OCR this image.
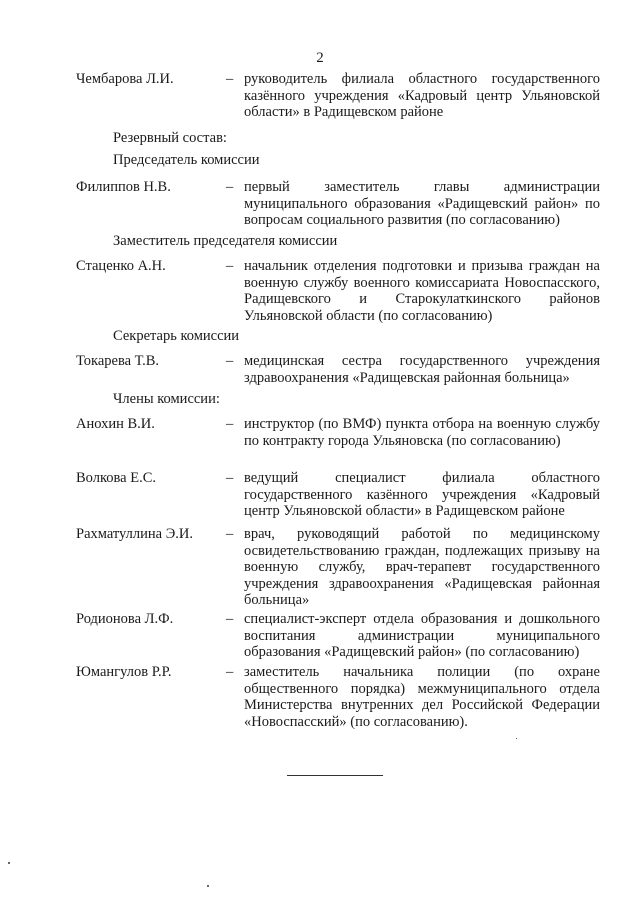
2
Чембарова Л.И.	– руководитель филиала областного государственного казённого учреждения «Кадровый центр Ульяновской области» в Радищевском районе
Резервный состав:
Председатель комиссии
Филиппов Н.В.	– первый заместитель главы администрации муниципального образования «Радищевский район» по вопросам социального развития (по согласованию)
Заместитель председателя комиссии
Стаценко А.Н.	– начальник отделения подготовки и призыва граждан на военную службу военного комиссариата Новоспасского, Радищевского и Старокулаткинского районов Ульяновской области (по согласованию)
Секретарь комиссии
Токарева Т.В.	– медицинская сестра государственного учреждения здравоохранения «Радищевская районная больница»
Члены комиссии:
Анохин В.И.	– инструктор (по ВМФ) пункта отбора на военную службу по контракту города Ульяновска (по согласованию)
Волкова Е.С.	– ведущий специалист филиала областного государственного казённого учреждения «Кадровый центр Ульяновской области» в Радищевском районе
Рахматуллина Э.И. – врач, руководящий работой по медицинскому освидетельствованию граждан, подлежащих призыву на военную службу, врач-терапевт государственного учреждения здравоохранения «Радищевская районная больница»
Родионова Л.Ф.	– специалист-эксперт отдела образования и дошкольного воспитания администрации муниципального образования «Радищевский район» (по согласованию)
Юмангулов Р.Р.	– заместитель начальника полиции (по охране общественного порядка) межмуниципального отдела Министерства внутренних дел Российской Федерации «Новоспасский» (по согласованию).
